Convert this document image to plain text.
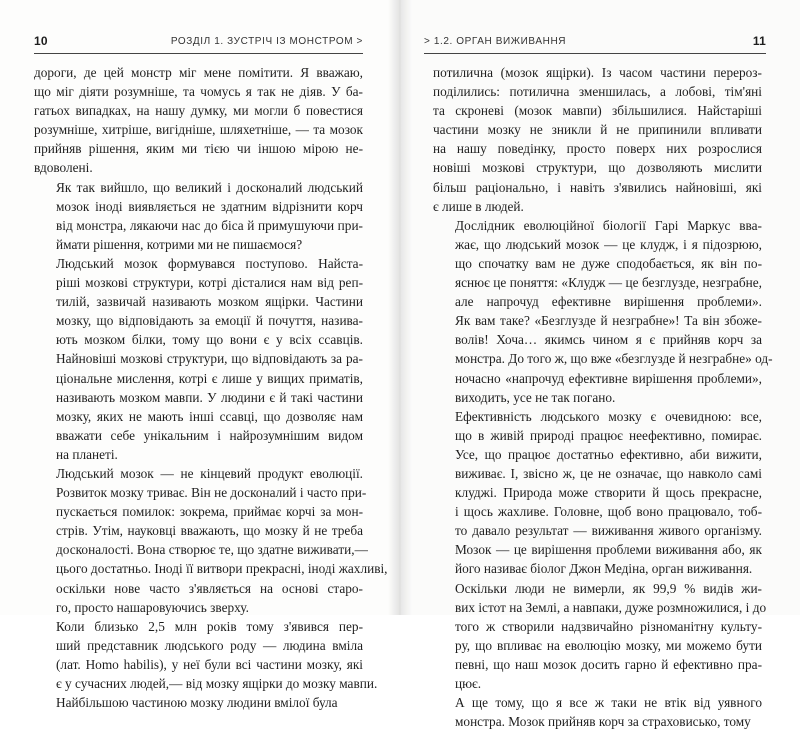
10	РОЗДІЛ 1. ЗУСТРІЧ ІЗ МОНСТРОМ >

дороги, де цей монстр міг мене помітити. Я вважаю,
що міг діяти розумніше, та чомусь я так не діяв. У ба-
гатьох випадках, на нашу думку, ми могли б повестися
розумніше, хитріше, вигідніше, шляхетніше, — та мозок
прийняв рішення, яким ми тією чи іншою мірою не-
вдоволені.

Як так вийшло, що великий і досконалий людський
мозок іноді виявляється не здатним відрізнити корч
від монстра, лякаючи нас до біса й примушуючи при-
ймати рішення, котрими ми не пишаємося?

Людський мозок формувався поступово. Найста-
ріші мозкові структури, котрі дісталися нам від реп-
тилій, зазвичай називають мозком ящірки. Частини
мозку, що відповідають за емоції й почуття, назива-
ють мозком білки, тому що вони є у всіх ссавців.
Найновіші мозкові структури, що відповідають за ра-
ціональне мислення, котрі є лише у вищих приматів,
називають мозком мавпи. У людини є й такі частини
мозку, яких не мають інші ссавці, що дозволяє нам
вважати себе унікальним і найрозумнішим видом
на планеті.

Людський мозок — не кінцевий продукт еволюції.
Розвиток мозку триває. Він не досконалий і часто при-
пускається помилок: зокрема, приймає корчі за мон-
стрів. Утім, науковці вважають, що мозку й не треба
досконалості. Вона створює те, що здатне виживати,—
цього достатньо. Іноді її витвори прекрасні, іноді жахливі,
оскільки нове часто з'являється на основі старо-
го, просто нашаровуючись зверху.

Коли близько 2,5 млн років тому з'явився пер-
ший представник людського роду — людина вміла
(лат. Homo habilis), у неї були всі частини мозку, які
є у сучасних людей,— від мозку ящірки до мозку мавпи.
Найбільшою частиною мозку людини вмілої була

> 1.2. ОРГАН ВИЖИВАННЯ	11

потилична (мозок ящірки). Із часом частини перероз-
поділились: потилична зменшилась, а лобові, тім'яні
та скроневі (мозок мавпи) збільшилися. Найстаріші
частини мозку не зникли й не припинили впливати
на нашу поведінку, просто поверх них розрослися
новіші мозкові структури, що дозволяють мислити
більш раціонально, і навіть з'явились найновіші, які
є лише в людей.

Дослідник еволюційної біології Гарі Маркус вва-
жає, що людський мозок — це клудж, і я підозрюю,
що спочатку вам не дуже сподобається, як він по-
яснює це поняття: «Клудж — це безглузде, незграбне,
але напрочуд ефективне вирішення проблеми».
Як вам таке? «Безглузде й незграбне»! Та він збоже-
волів! Хоча… якимсь чином я є прийняв корч за
монстра. До того ж, що вже «безглуздe й незграбне» од-
ночасно «напрочуд ефективне вирішення проблеми»,
виходить, усе не так погано.

Ефективність людського мозку є очевидною: все,
що в живій природі працює неефективно, помирає.
Усе, що працює достатньо ефективно, аби вижити,
виживає. І, звісно ж, це не означає, що навколо самі
клуджі. Природа може створити й щось прекрасне,
і щось жахливе. Головне, щоб воно працювало, тоб-
то давало результат — виживання живого організму.
Мозок — це вирішення проблеми виживання або, як
його називає біолог Джон Медіна, орган виживання.

Оскільки люди не вимерли, як 99,9 % видів жи-
вих істот на Землі, а навпаки, дуже розмножилися, і до
того ж створили надзвичайно різноманітну культу-
ру, що впливає на еволюцію мозку, ми можемо бути
певні, що наш мозок досить гарно й ефективно пра-
цює.

А ще тому, що я все ж таки не втік від уявного
монстра. Мозок прийняв корч за страховисько, тому
